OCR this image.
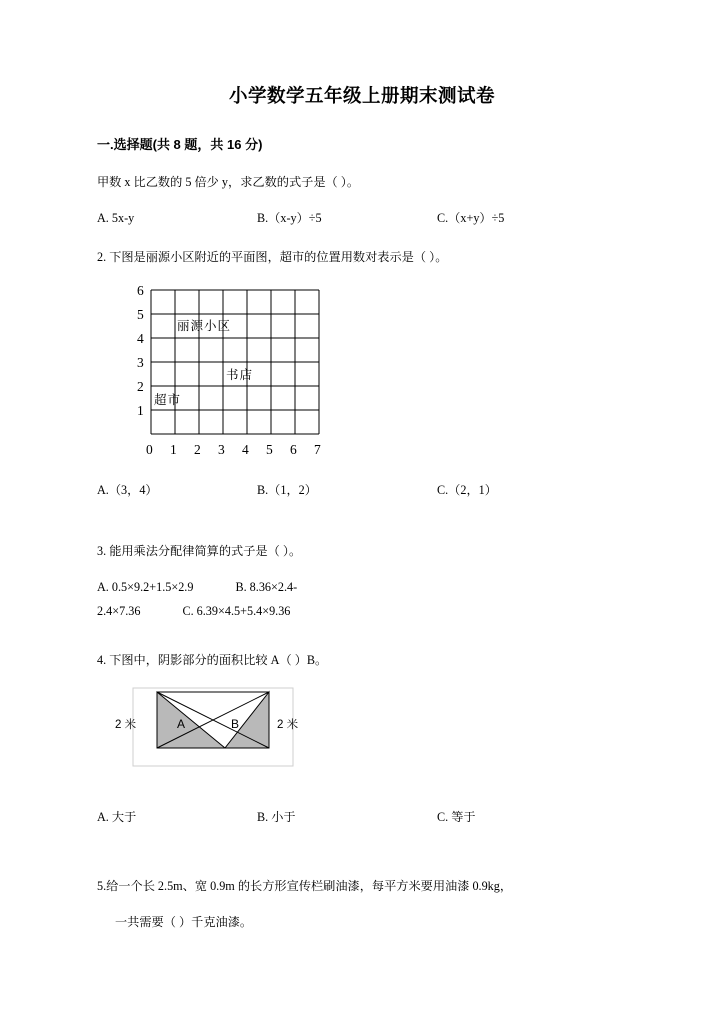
小学数学五年级上册期末测试卷
一.选择题(共 8 题，共 16 分)
甲数 x 比乙数的 5 倍少 y，求乙数的式子是（ ）。
A. 5x-y	B.（x-y）÷5	C.（x+y）÷5
2. 下图是丽源小区附近的平面图，超市的位置用数对表示是（ ）。
6
5
4
3
2
1
0 1 2 3 4 5 6 7
丽源小区
书店
超市
A.（3，4）	B.（1，2）	C.（2，1）
3. 能用乘法分配律简算的式子是（ ）。
A. 0.5×9.2+1.5×2.9	B. 8.36×2.4-
2.4×7.36	C. 6.39×4.5+5.4×9.36
4. 下图中，阴影部分的面积比较 A（ ）B。
2 米	2 米
A	B
A. 大于	B. 小于	C. 等于
5.给一个长 2.5m、宽 0.9m 的长方形宣传栏刷油漆，每平方米要用油漆 0.9kg，
一共需要（ ）千克油漆。
